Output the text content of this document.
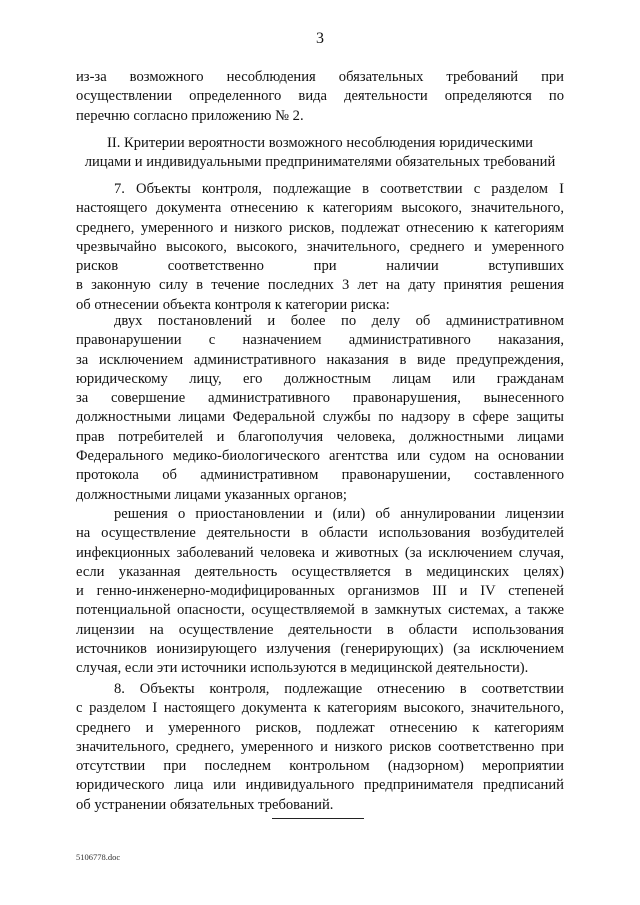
3
из-за возможного несоблюдения обязательных требований при
осуществлении определенного вида деятельности определяются по
перечню согласно приложению № 2.
II. Критерии вероятности возможного несоблюдения юридическими
лицами и индивидуальными предпринимателями обязательных требований
7. Объекты контроля, подлежащие в соответствии с разделом I
настоящего документа отнесению к категориям высокого, значительного,
среднего, умеренного и низкого рисков, подлежат отнесению к категориям
чрезвычайно высокого, высокого, значительного, среднего и умеренного
рисков соответственно при наличии вступивших
в законную силу в течение последних 3 лет на дату принятия решения
об отнесении объекта контроля к категории риска:
двух постановлений и более по делу об административном
правонарушении с назначением административного наказания,
за исключением административного наказания в виде предупреждения,
юридическому лицу, его должностным лицам или гражданам
за совершение административного правонарушения, вынесенного
должностными лицами Федеральной службы по надзору в сфере защиты
прав потребителей и благополучия человека, должностными лицами
Федерального медико-биологического агентства или судом на основании
протокола об административном правонарушении, составленного
должностными лицами указанных органов;
решения о приостановлении и (или) об аннулировании лицензии
на осуществление деятельности в области использования возбудителей
инфекционных заболеваний человека и животных (за исключением случая,
если указанная деятельность осуществляется в медицинских целях)
и генно-инженерно-модифицированных организмов III и IV степеней
потенциальной опасности, осуществляемой в замкнутых системах, а также
лицензии на осуществление деятельности в области использования
источников ионизирующего излучения (генерирующих) (за исключением
случая, если эти источники используются в медицинской деятельности).
8. Объекты контроля, подлежащие отнесению в соответствии
с разделом I настоящего документа к категориям высокого, значительного,
среднего и умеренного рисков, подлежат отнесению к категориям
значительного, среднего, умеренного и низкого рисков соответственно при
отсутствии при последнем контрольном (надзорном) мероприятии
юридического лица или индивидуального предпринимателя предписаний
об устранении обязательных требований.
5106778.doc
